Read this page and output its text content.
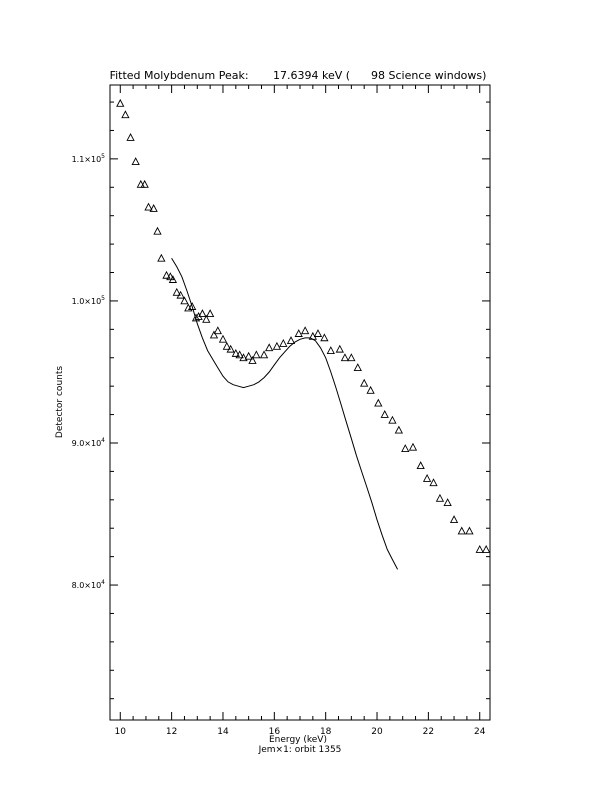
Fitted Molybdenum Peak:       17.6394 keV (      98 Science windows)
10	12	14	16	18	20	22	24
$8.0\times 10^4$
$9.0\times 10^4$
$1.0\times 10^5$
$1.1\times 10^5$
Energy (keV)
Jem×1: orbit 1355
Detector counts
